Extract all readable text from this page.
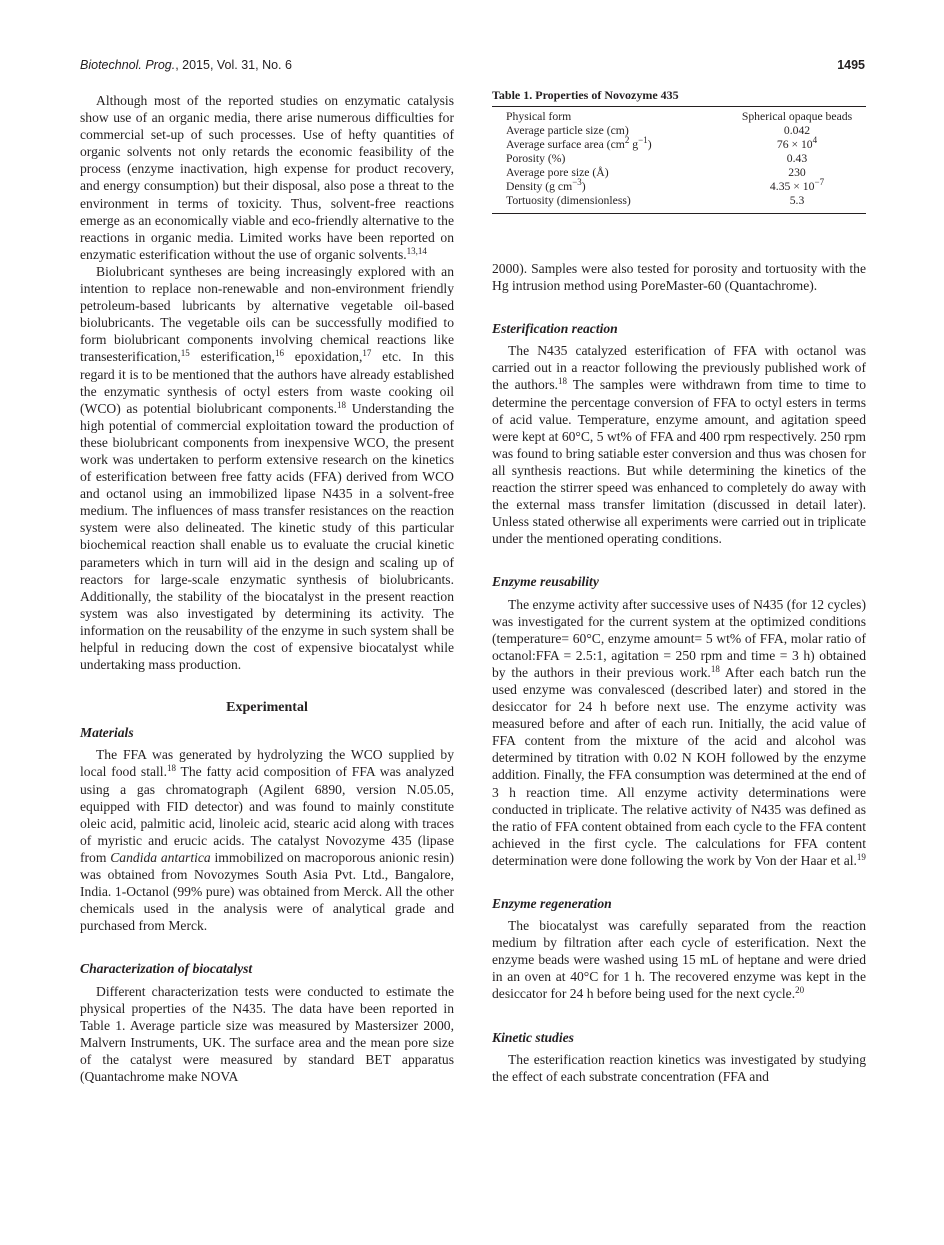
Biotechnol. Prog., 2015, Vol. 31, No. 6	1495

Although most of the reported studies on enzymatic catalysis show use of an organic media, there arise numerous difficulties for commercial set-up of such processes. Use of hefty quantities of organic solvents not only retards the economic feasibility of the process (enzyme inactivation, high expense for product recovery, and energy consumption) but their disposal, also pose a threat to the environment in terms of toxicity. Thus, solvent-free reactions emerge as an economically viable and eco-friendly alternative to the reactions in organic media. Limited works have been reported on enzymatic esterification without the use of organic solvents.$^{13,14}$

Biolubricant syntheses are being increasingly explored with an intention to replace non-renewable and non-environment friendly petroleum-based lubricants by alternative vegetable oil-based biolubricants. The vegetable oils can be successfully modified to form biolubricant components involving chemical reactions like transesterification,$^{15}$ esterification,$^{16}$ epoxidation,$^{17}$ etc. In this regard it is to be mentioned that the authors have already established the enzymatic synthesis of octyl esters from waste cooking oil (WCO) as potential biolubricant components.$^{18}$ Understanding the high potential of commercial exploitation toward the production of these biolubricant components from inexpensive WCO, the present work was undertaken to perform extensive research on the kinetics of esterification between free fatty acids (FFA) derived from WCO and octanol using an immobilized lipase N435 in a solvent-free medium. The influences of mass transfer resistances on the reaction system were also delineated. The kinetic study of this particular biochemical reaction shall enable us to evaluate the crucial kinetic parameters which in turn will aid in the design and scaling up of reactors for large-scale enzymatic synthesis of biolubricants. Additionally, the stability of the biocatalyst in the present reaction system was also investigated by determining its activity. The information on the reusability of the enzyme in such system shall be helpful in reducing down the cost of expensive biocatalyst while undertaking mass production.

Experimental
Materials

The FFA was generated by hydrolyzing the WCO supplied by local food stall.$^{18}$ The fatty acid composition of FFA was analyzed using a gas chromatograph (Agilent 6890, version N.05.05, equipped with FID detector) and was found to mainly constitute oleic acid, palmitic acid, linoleic acid, stearic acid along with traces of myristic and erucic acids. The catalyst Novozyme 435 (lipase from Candida antartica immobilized on macroporous anionic resin) was obtained from Novozymes South Asia Pvt. Ltd., Bangalore, India. 1-Octanol (99% pure) was obtained from Merck. All the other chemicals used in the analysis were of analytical grade and purchased from Merck.

Characterization of biocatalyst

Different characterization tests were conducted to estimate the physical properties of the N435. The data have been reported in Table 1. Average particle size was measured by Mastersizer 2000, Malvern Instruments, UK. The surface area and the mean pore size of the catalyst were measured by standard BET apparatus (Quantachrome make NOVA

Table 1. Properties of Novozyme 435
Physical form	Spherical opaque beads
Average particle size (cm)	0.042
Average surface area ($cm^2$ $g^{-1}$)	$76 \times 10^4$
Porosity (%)	0.43
Average pore size (Å)	230
Density (g $cm^{-3}$)	$4.35 \times 10^{-7}$
Tortuosity (dimensionless)	5.3

2000). Samples were also tested for porosity and tortuosity with the Hg intrusion method using PoreMaster-60 (Quantachrome).

Esterification reaction

The N435 catalyzed esterification of FFA with octanol was carried out in a reactor following the previously published work of the authors.$^{18}$ The samples were withdrawn from time to time to determine the percentage conversion of FFA to octyl esters in terms of acid value. Temperature, enzyme amount, and agitation speed were kept at 60°C, 5 wt% of FFA and 400 rpm respectively. 250 rpm was found to bring satiable ester conversion and thus was chosen for all synthesis reactions. But while determining the kinetics of the reaction the stirrer speed was enhanced to completely do away with the external mass transfer limitation (discussed in detail later). Unless stated otherwise all experiments were carried out in triplicate under the mentioned operating conditions.

Enzyme reusability

The enzyme activity after successive uses of N435 (for 12 cycles) was investigated for the current system at the optimized conditions (temperature= 60°C, enzyme amount= 5 wt% of FFA, molar ratio of octanol:FFA = 2.5:1, agitation = 250 rpm and time = 3 h) obtained by the authors in their previous work.$^{18}$ After each batch run the used enzyme was convalesced (described later) and stored in the desiccator for 24 h before next use. The enzyme activity was measured before and after of each run. Initially, the acid value of FFA content from the mixture of the acid and alcohol was determined by titration with 0.02 N KOH followed by the enzyme addition. Finally, the FFA consumption was determined at the end of 3 h reaction time. All enzyme activity determinations were conducted in triplicate. The relative activity of N435 was defined as the ratio of FFA content obtained from each cycle to the FFA content achieved in the first cycle. The calculations for FFA content determination were done following the work by Von der Haar et al.$^{19}$

Enzyme regeneration

The biocatalyst was carefully separated from the reaction medium by filtration after each cycle of esterification. Next the enzyme beads were washed using 15 mL of heptane and were dried in an oven at 40°C for 1 h. The recovered enzyme was kept in the desiccator for 24 h before being used for the next cycle.$^{20}$

Kinetic studies

The esterification reaction kinetics was investigated by studying the effect of each substrate concentration (FFA and
